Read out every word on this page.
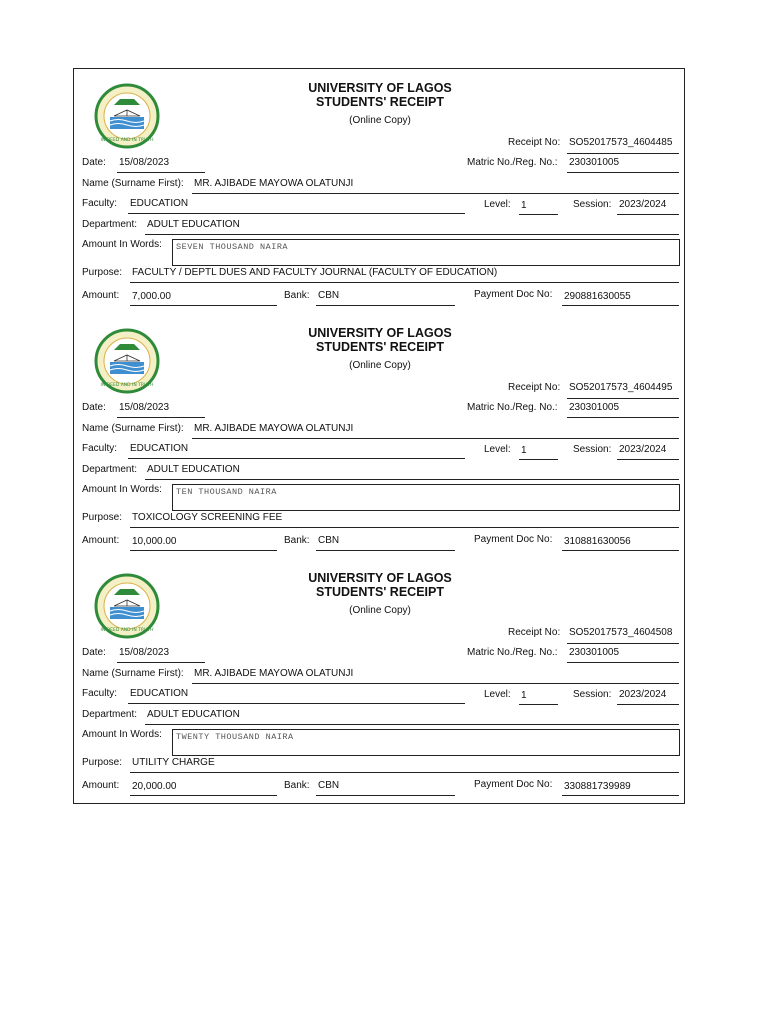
IN DEED AND IN TRUTH
UNIVERSITY OF LAGOS
STUDENTS' RECEIPT
(Online Copy)
Receipt No: SO52017573_4604485
Date: 15/08/2023	Matric No./Reg. No.: 230301005
Name (Surname First): MR. AJIBADE MAYOWA OLATUNJI
Faculty: EDUCATION	Level: 1	Session: 2023/2024
Department: ADULT EDUCATION
Amount In Words: SEVEN THOUSAND NAIRA
Purpose: FACULTY / DEPTL DUES AND FACULTY JOURNAL (FACULTY OF EDUCATION)
Amount: 7,000.00	Bank: CBN	Payment Doc No: 290881630055
IN DEED AND IN TRUTH
UNIVERSITY OF LAGOS
STUDENTS' RECEIPT
(Online Copy)
Receipt No: SO52017573_4604495
Date: 15/08/2023	Matric No./Reg. No.: 230301005
Name (Surname First): MR. AJIBADE MAYOWA OLATUNJI
Faculty: EDUCATION	Level: 1	Session: 2023/2024
Department: ADULT EDUCATION
Amount In Words: TEN THOUSAND NAIRA
Purpose: TOXICOLOGY SCREENING FEE
Amount: 10,000.00	Bank: CBN	Payment Doc No: 310881630056
IN DEED AND IN TRUTH
UNIVERSITY OF LAGOS
STUDENTS' RECEIPT
(Online Copy)
Receipt No: SO52017573_4604508
Date: 15/08/2023	Matric No./Reg. No.: 230301005
Name (Surname First): MR. AJIBADE MAYOWA OLATUNJI
Faculty: EDUCATION	Level: 1	Session: 2023/2024
Department: ADULT EDUCATION
Amount In Words: TWENTY THOUSAND NAIRA
Purpose: UTILITY CHARGE
Amount: 20,000.00	Bank: CBN	Payment Doc No: 330881739989
